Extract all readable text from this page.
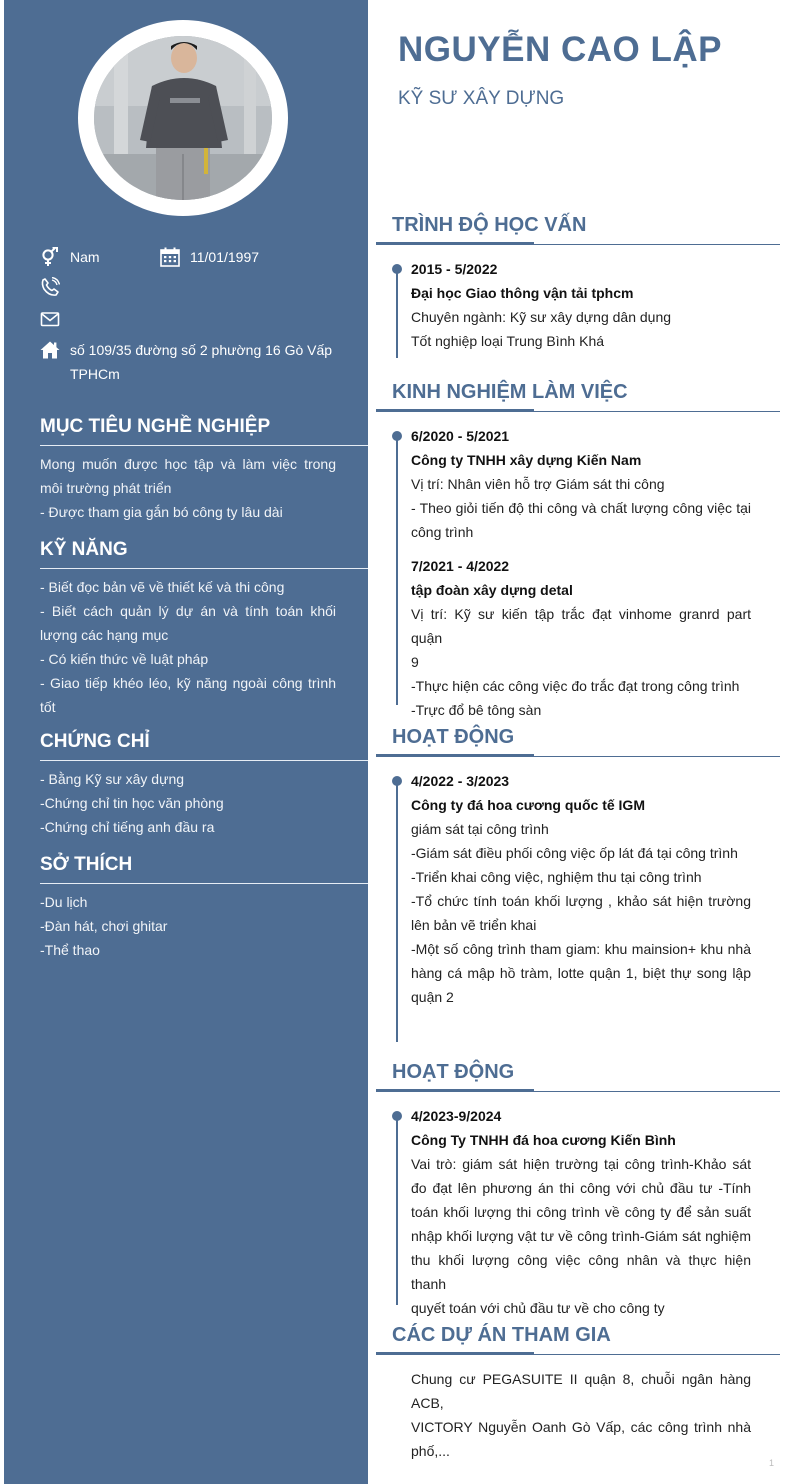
Nam	11/01/1997
số 109/35 đường số 2 phường 16 Gò Vấp
TPHCm
MỤC TIÊU NGHỀ NGHIỆP
Mong muốn được học tập và làm việc trong
môi trường phát triển
- Được tham gia gắn bó công ty lâu dài
KỸ NĂNG
- Biết đọc bản vẽ về thiết kế và thi công
- Biết cách quản lý dự án và tính toán khối
lượng các hạng mục
- Có kiến thức về luật pháp
- Giao tiếp khéo léo, kỹ năng ngoài công trình
tốt
CHỨNG CHỈ
- Bằng Kỹ sư xây dựng
-Chứng chỉ tin học văn phòng
-Chứng chỉ tiếng anh đầu ra
SỞ THÍCH
-Du lịch
-Đàn hát, chơi ghitar
-Thể thao
NGUYỄN CAO LẬP
KỸ SƯ XÂY DỰNG
TRÌNH ĐỘ HỌC VẤN
2015 - 5/2022
Đại học Giao thông vận tải tphcm
Chuyên ngành: Kỹ sư xây dựng dân dụng
Tốt nghiệp loại Trung Bình Khá
KINH NGHIỆM LÀM VIỆC
6/2020 - 5/2021
Công ty TNHH xây dựng Kiến Nam
Vị trí: Nhân viên hỗ trợ Giám sát thi công
- Theo giỏi tiến độ thi công và chất lượng công việc tại
công trình
7/2021 - 4/2022
tập đoàn xây dựng detal
Vị trí: Kỹ sư kiến tập trắc đạt vinhome granrd part quận
9
-Thực hiện các công việc đo trắc đạt trong công trình
-Trực đổ bê tông sàn
HOẠT ĐỘNG
4/2022 - 3/2023
Công ty đá hoa cương quốc tế IGM
giám sát tại công trình
-Giám sát điều phối công việc ốp lát đá tại công trình
-Triển khai công việc, nghiệm thu tại công trình
-Tổ chức tính toán khối lượng , khảo sát hiện trường
lên bản vẽ triển khai
-Một số công trình tham giam: khu mainsion+ khu nhà
hàng cá mập hồ tràm, lotte quận 1, biệt thự song lập
quận 2
HOẠT ĐỘNG
4/2023-9/2024
Công Ty TNHH đá hoa cương Kiến Bình
Vai trò: giám sát hiện trường tại công trình-Khảo sát
đo đạt lên phương án thi công với chủ đầu tư -Tính
toán khối lượng thi công trình về công ty để sản suất
nhập khối lượng vật tư về công trình-Giám sát nghiệm
thu khối lượng công việc công nhân và thực hiện thanh
quyết toán với chủ đầu tư về cho công ty
CÁC DỰ ÁN THAM GIA
Chung cư PEGASUITE II quận 8, chuỗi ngân hàng ACB,
VICTORY Nguyễn Oanh Gò Vấp, các công trình nhà
phố,...
1
